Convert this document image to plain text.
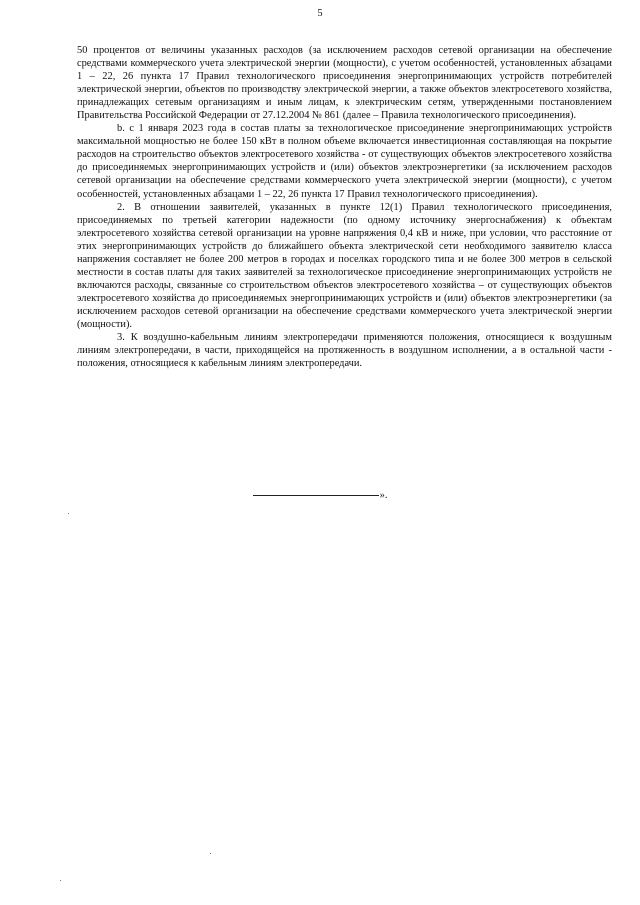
5

50 процентов от величины указанных расходов (за исключением расходов сетевой организации на обеспечение средствами коммерческого учета электрической энергии (мощности), с учетом особенностей, установленных абзацами 1 – 22, 26 пункта 17 Правил технологического присоединения энергопринимающих устройств потребителей электрической энергии, объектов по производству электрической энергии, а также объектов электросетевого хозяйства, принадлежащих сетевым организациям и иным лицам, к электрическим сетям, утвержденными постановлением Правительства Российской Федерации от 27.12.2004 № 861 (далее – Правила технологического присоединения).

b. с 1 января 2023 года в состав платы за технологическое присоединение энергопринимающих устройств максимальной мощностью не более 150 кВт в полном объеме включается инвестиционная составляющая на покрытие расходов на строительство объектов электросетевого хозяйства - от существующих объектов электросетевого хозяйства до присоединяемых энергопринимающих устройств и (или) объектов электроэнергетики (за исключением расходов сетевой организации на обеспечение средствами коммерческого учета электрической энергии (мощности), с учетом особенностей, установленных абзацами 1 – 22, 26 пункта 17 Правил технологического присоединения).

2. В отношении заявителей, указанных в пункте 12(1) Правил технологического присоединения, присоединяемых по третьей категории надежности (по одному источнику энергоснабжения) к объектам электросетевого хозяйства сетевой организации на уровне напряжения 0,4 кВ и ниже, при условии, что расстояние от этих энергопринимающих устройств до ближайшего объекта электрической сети необходимого заявителю класса напряжения составляет не более 200 метров в городах и поселках городского типа и не более 300 метров в сельской местности в состав платы для таких заявителей за технологическое присоединение энергопринимающих устройств не включаются расходы, связанные со строительством объектов электросетевого хозяйства – от существующих объектов электросетевого хозяйства до присоединяемых энергопринимающих устройств и (или) объектов электроэнергетики (за исключением расходов сетевой организации на обеспечение средствами коммерческого учета электрической энергии (мощности).

3. К воздушно-кабельным линиям электропередачи применяются положения, относящиеся к воздушным линиям электропередачи, в части, приходящейся на протяженность в воздушном исполнении, а в остальной части - положения, относящиеся к кабельным линиям электропередачи.

».
